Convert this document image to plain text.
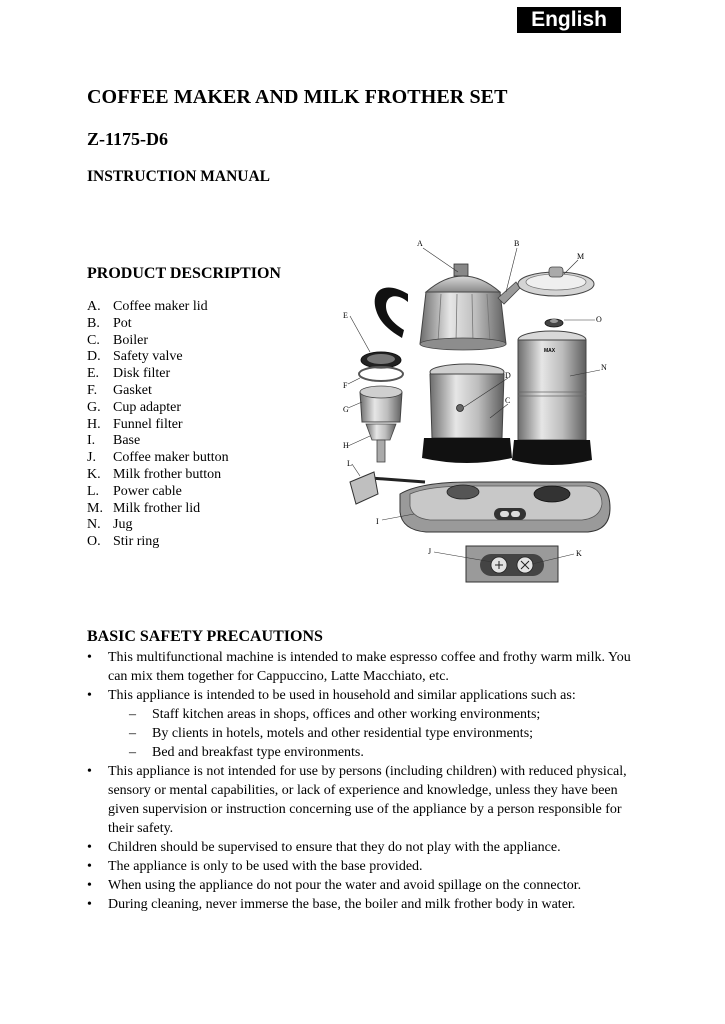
English
COFFEE MAKER AND MILK FROTHER SET
Z-1175-D6
INSTRUCTION MANUAL
PRODUCT DESCRIPTION
A. Coffee maker lid
B. Pot
C. Boiler
D. Safety valve
E. Disk filter
F. Gasket
G. Cup adapter
H. Funnel filter
I. Base
J. Coffee maker button
K. Milk frother button
L. Power cable
M. Milk frother lid
N. Jug
O. Stir ring
A	B
M
O
N
E
F
G
H
D
C
L
I
J	K
MAX
BASIC SAFETY PRECAUTIONS
• This multifunctional machine is intended to make espresso coffee and frothy warm milk. You can mix them together for Cappuccino, Latte Macchiato, etc.
• This appliance is intended to be used in household and similar applications such as:
– Staff kitchen areas in shops, offices and other working environments;
– By clients in hotels, motels and other residential type environments;
– Bed and breakfast type environments.
• This appliance is not intended for use by persons (including children) with reduced physical, sensory or mental capabilities, or lack of experience and knowledge, unless they have been given supervision or instruction concerning use of the appliance by a person responsible for their safety.
• Children should be supervised to ensure that they do not play with the appliance.
• The appliance is only to be used with the base provided.
• When using the appliance do not pour the water and avoid spillage on the connector.
• During cleaning, never immerse the base, the boiler and milk frother body in water.
